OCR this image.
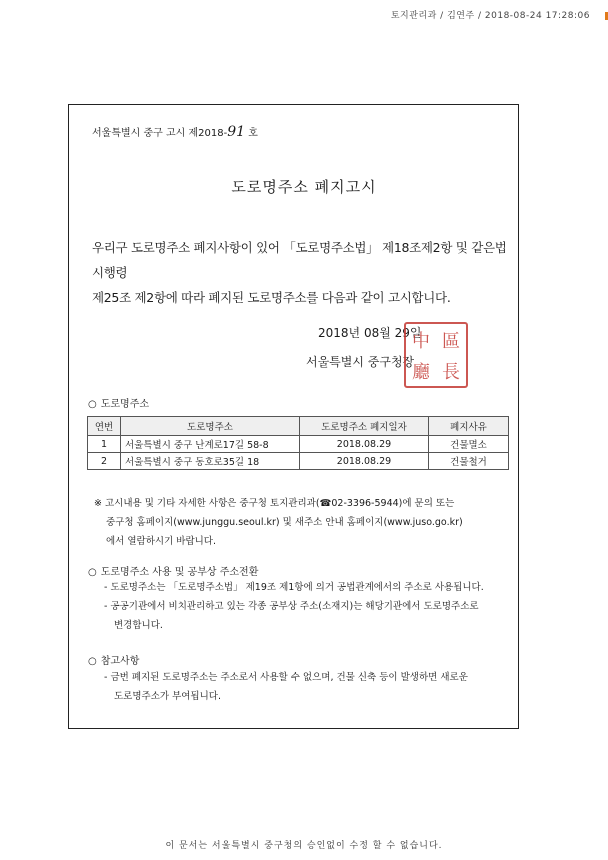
토지관리과 / 김연주 / 2018-08-24 17:28:06
서울특별시 중구 고시 제2018-91 호
도로명주소 폐지고시

우리구 도로명주소 폐지사항이 있어 「도로명주소법」 제18조제2항 및 같은법 시행령
제25조 제2항에 따라 폐지된 도로명주소를 다음과 같이 고시합니다.

2018년 08월 29일
서울특별시 중구청장
中 區
廳 長
○ 도로명주소
연번	도로명주소	도로명주소 폐지일자	폐지사유
1	서울특별시 중구 난계로17길 58-8	2018.08.29	건물멸소
2	서울특별시 중구 동호로35길 18	2018.08.29	건물철거
※ 고시내용 및 기타 자세한 사항은 중구청 토지관리과(☎02-3396-5944)에 문의 또는
중구청 홈페이지(www.junggu.seoul.kr) 및 새주소 안내 홈페이지(www.juso.go.kr)
에서 열람하시기 바랍니다.
○ 도로명주소 사용 및 공부상 주소전환
- 도로명주소는 「도로명주소법」 제19조 제1항에 의거 공법관계에서의 주소로 사용됩니다.
- 공공기관에서 비치관리하고 있는 각종 공부상 주소(소재지)는 해당기관에서 도로명주소로
변경합니다.
○ 참고사항
- 금번 폐지된 도로명주소는 주소로서 사용할 수 없으며, 건물 신축 등이 발생하면 새로운
도로명주소가 부여됩니다.
이 문서는 서울특별시 중구청의 승인없이 수정 할 수 없습니다.
